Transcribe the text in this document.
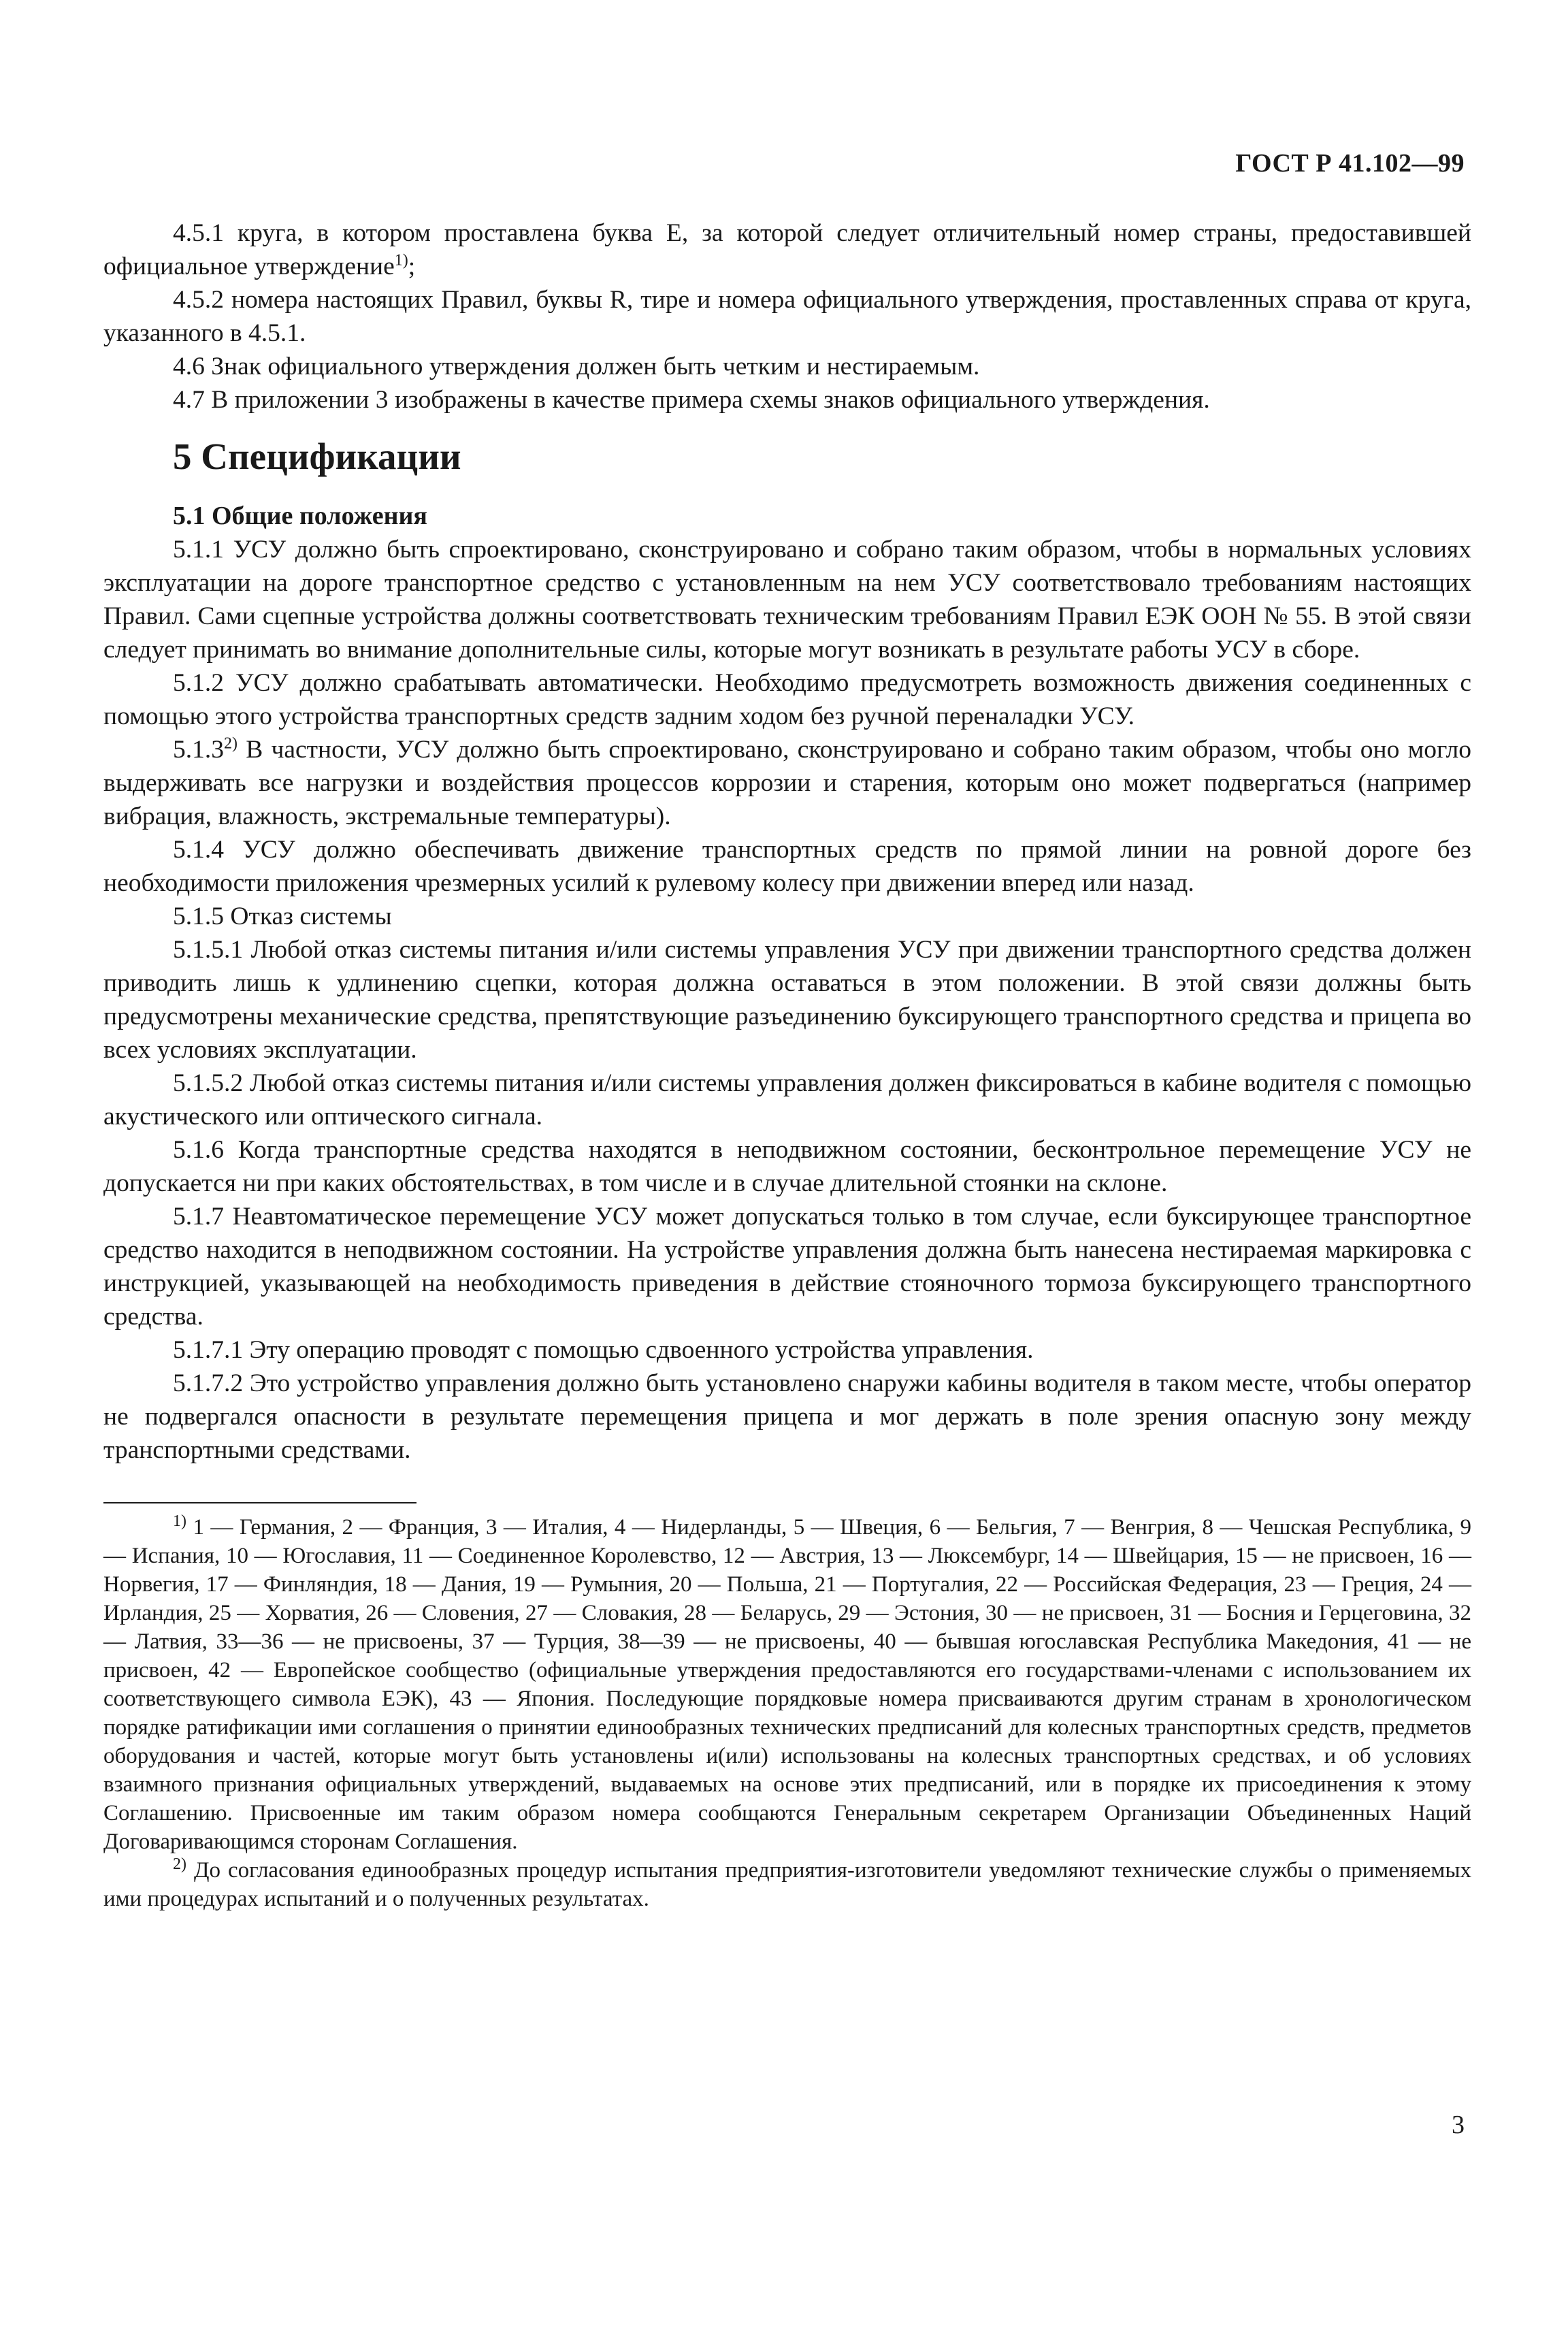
ГОСТ Р 41.102—99

4.5.1 круга, в котором проставлена буква Е, за которой следует отличительный номер страны, предоставившей официальное утверждение$^{1)}$;

4.5.2 номера настоящих Правил, буквы R, тире и номера официального утверждения, проставленных справа от круга, указанного в 4.5.1.

4.6 Знак официального утверждения должен быть четким и нестираемым.

4.7 В приложении 3 изображены в качестве примера схемы знаков официального утверждения.

5 Спецификации
5.1 Общие положения

5.1.1 УСУ должно быть спроектировано, сконструировано и собрано таким образом, чтобы в нормальных условиях эксплуатации на дороге транспортное средство с установленным на нем УСУ соответствовало требованиям настоящих Правил. Сами сцепные устройства должны соответствовать техническим требованиям Правил ЕЭК ООН № 55. В этой связи следует принимать во внимание дополнительные силы, которые могут возникать в результате работы УСУ в сборе.

5.1.2 УСУ должно срабатывать автоматически. Необходимо предусмотреть возможность движения соединенных с помощью этого устройства транспортных средств задним ходом без ручной переналадки УСУ.

5.1.3$^{2)}$ В частности, УСУ должно быть спроектировано, сконструировано и собрано таким образом, чтобы оно могло выдерживать все нагрузки и воздействия процессов коррозии и старения, которым оно может подвергаться (например вибрация, влажность, экстремальные температуры).

5.1.4 УСУ должно обеспечивать движение транспортных средств по прямой линии на ровной дороге без необходимости приложения чрезмерных усилий к рулевому колесу при движении вперед или назад.

5.1.5 Отказ системы

5.1.5.1 Любой отказ системы питания и/или системы управления УСУ при движении транспортного средства должен приводить лишь к удлинению сцепки, которая должна оставаться в этом положении. В этой связи должны быть предусмотрены механические средства, препятствующие разъединению буксирующего транспортного средства и прицепа во всех условиях эксплуатации.

5.1.5.2 Любой отказ системы питания и/или системы управления должен фиксироваться в кабине водителя с помощью акустического или оптического сигнала.

5.1.6 Когда транспортные средства находятся в неподвижном состоянии, бесконтрольное перемещение УСУ не допускается ни при каких обстоятельствах, в том числе и в случае длительной стоянки на склоне.

5.1.7 Неавтоматическое перемещение УСУ может допускаться только в том случае, если буксирующее транспортное средство находится в неподвижном состоянии. На устройстве управления должна быть нанесена нестираемая маркировка с инструкцией, указывающей на необходимость приведения в действие стояночного тормоза буксирующего транспортного средства.

5.1.7.1 Эту операцию проводят с помощью сдвоенного устройства управления.

5.1.7.2 Это устройство управления должно быть установлено снаружи кабины водителя в таком месте, чтобы оператор не подвергался опасности в результате перемещения прицепа и мог держать в поле зрения опасную зону между транспортными средствами.

$^{1)}$ 1 — Германия, 2 — Франция, 3 — Италия, 4 — Нидерланды, 5 — Швеция, 6 — Бельгия, 7 — Венгрия, 8 — Чешская Республика, 9 — Испания, 10 — Югославия, 11 — Соединенное Королевство, 12 — Австрия, 13 — Люксембург, 14 — Швейцария, 15 — не присвоен, 16 — Норвегия, 17 — Финляндия, 18 — Дания, 19 — Румыния, 20 — Польша, 21 — Португалия, 22 — Российская Федерация, 23 — Греция, 24 — Ирландия, 25 — Хорватия, 26 — Словения, 27 — Словакия, 28 — Беларусь, 29 — Эстония, 30 — не присвоен, 31 — Босния и Герцеговина, 32 — Латвия, 33—36 — не присвоены, 37 — Турция, 38—39 — не присвоены, 40 — бывшая югославская Республика Македония, 41 — не присвоен, 42 — Европейское сообщество (официальные утверждения предоставляются его государствами-членами с использованием их соответствующего символа ЕЭК), 43 — Япония. Последующие порядковые номера присваиваются другим странам в хронологическом порядке ратификации ими соглашения о принятии единообразных технических предписаний для колесных транспортных средств, предметов оборудования и частей, которые могут быть установлены и(или) использованы на колесных транспортных средствах, и об условиях взаимного признания официальных утверждений, выдаваемых на основе этих предписаний, или в порядке их присоединения к этому Соглашению. Присвоенные им таким образом номера сообщаются Генеральным секретарем Организации Объединенных Наций Договаривающимся сторонам Соглашения.

$^{2)}$ До согласования единообразных процедур испытания предприятия-изготовители уведомляют технические службы о применяемых ими процедурах испытаний и о полученных результатах.

3
